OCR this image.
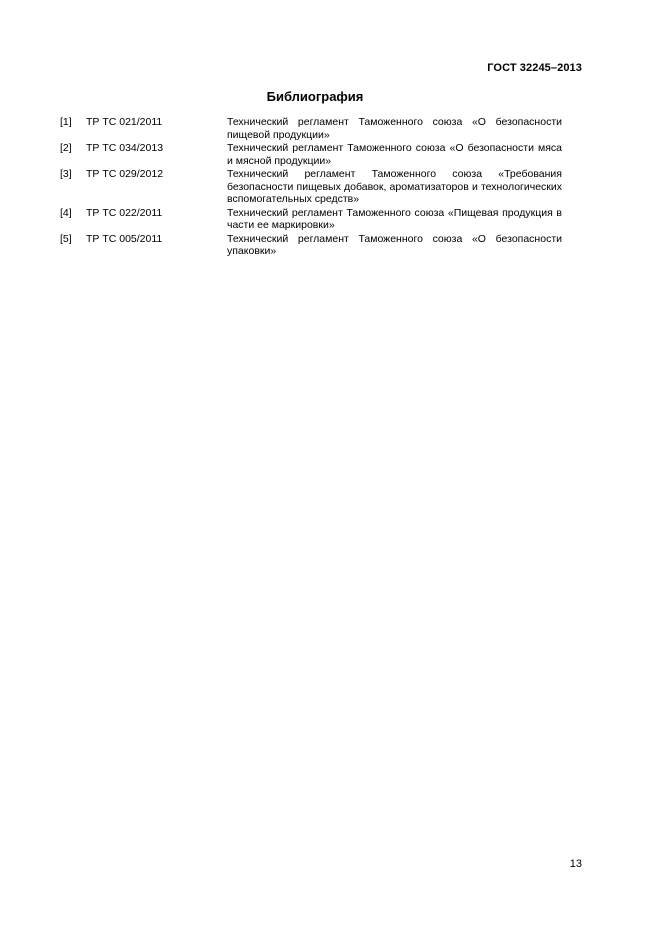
ГОСТ 32245–2013
Библиография
[1]	ТР ТС 021/2011	Технический регламент Таможенного союза «О безопасности пищевой продукции»
[2]	ТР ТС 034/2013	Технический регламент Таможенного союза «О безопасности мяса и мясной продукции»
[3]	ТР ТС 029/2012	Технический регламент Таможенного союза «Требования безопасности пищевых добавок, ароматизаторов и технологических вспомогательных средств»
[4]	ТР ТС 022/2011	Технический регламент Таможенного союза «Пищевая продукция в части ее маркировки»
[5]	ТР ТС 005/2011	Технический регламент Таможенного союза «О безопасности упаковки»
13
